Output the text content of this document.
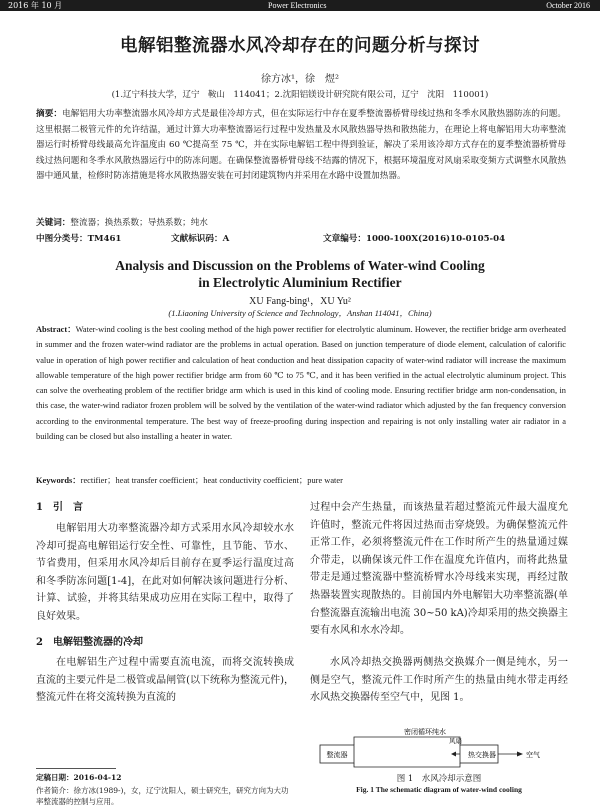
2016 年 10 月	Power Electronics	October 2016
电解铝整流器水风冷却存在的问题分析与探讨
徐方冰¹，徐　煜²
(1.辽宁科技大学，辽宁　鞍山　114041；2.沈阳铝镁设计研究院有限公司，辽宁　沈阳　110001)
摘要：电解铝用大功率整流器水风冷却方式是最佳冷却方式，但在实际运行中存在夏季整流器桥臂母线过热和冬季水风散热器防冻的问题。这里根据二极管元件的允许结温，通过计算大功率整流器运行过程中发热量及水风散热器导热和散热能力，在理论上将电解铝用大功率整流器运行时桥臂母线最高允许温度由 60 ℃提高至 75 ℃，并在实际电解铝工程中得到验证，解决了采用该冷却方式存在的夏季整流器桥臂母线过热问题和冬季水风散热器运行中的防冻问题。在确保整流器桥臂母线不结露的情况下，根据环境温度对风扇采取变频方式调整水风散热器中通风量，检修时防冻措施是将水风散热器安装在可封闭建筑物内并采用在水路中设置加热器。
关键词：整流器；换热系数；导热系数；纯水
中图分类号：TM461	文献标识码：A	文章编号：1000-100X(2016)10-0105-04
Analysis and Discussion on the Problems of Water-wind Cooling
in Electrolytic Aluminium Rectifier
XU Fang-bing¹，XU Yu²
(1.Liaoning University of Science and Technology，Anshan 114041，China)
Abstract：Water-wind cooling is the best cooling method of the high power rectifier for electrolytic aluminum. However, the rectifier bridge arm overheated in summer and the frozen water-wind radiator are the problems in actual operation. Based on junction temperature of diode element, calculation of calorific value in operation of high power rectifier and calculation of heat conduction and heat dissipation capacity of water-wind radiator will increase the maximum allowable temperature of the high power rectifier bridge arm from 60 ℃ to 75 ℃, and it has been verified in the actual electrolytic aluminum project. This can solve the overheating problem of the rectifier bridge arm which is used in this kind of cooling mode. Ensuring rectifier bridge arm non-condensation, in this case, the water-wind radiator frozen problem will be solved by the ventilation of the water-wind radiator which adjusted by the fan frequency conversion according to the environmental temperature. The best way of freeze-proofing during inspection and repairing is not only installing water air radiator in a building can be closed but also installing a heater in water.
Keywords：rectifier；heat transfer coefficient；heat conductivity coefficient；pure water
1　引　言
电解铝用大功率整流器冷却方式采用水风冷却较水水冷却可提高电解铝运行安全性、可靠性，且节能、节水、节省费用，但采用水风冷却后目前存在夏季运行温度过高和冬季防冻问题[1-4]，在此对如何解决该问题进行分析、计算、试验，并将其结果成功应用在实际工程中，取得了良好效果。
2　电解铝整流器的冷却
在电解铝生产过程中需要直流电流，而将交流转换成直流的主要元件是二极管或晶闸管(以下统称为整流元件)，整流元件在将交流转换为直流的
定稿日期：2016-04-12
作者简介：徐方冰(1989-)，女，辽宁沈阳人，硕士研究生，研究方向为大功率整流器的控制与应用。
过程中会产生热量，而该热量若超过整流元件最大温度允许值时，整流元件将因过热而击穿烧毁。为确保整流元件正常工作，必须将整流元件在工作时所产生的热量通过媒介带走，以确保该元件工作在温度允许值内，而将此热量带走是通过整流器中整流桥臂水冷母线来实现，再经过散热器装置实现散热的。目前国内外电解铝大功率整流器(单台整流器直流输出电流 30~50 kA)冷却采用的热交换器主要有水风和水水冷却。
水风冷却热交换器两侧热交换媒介一侧是纯水，另一侧是空气，整流元件工作时所产生的热量由纯水带走再经水风热交换器传至空气中，见图 1。
密闭循环纯水
整流器	热交换器
风扇
空气
图 1　水风冷却示意图
Fig. 1 The schematic diagram of water-wind cooling
